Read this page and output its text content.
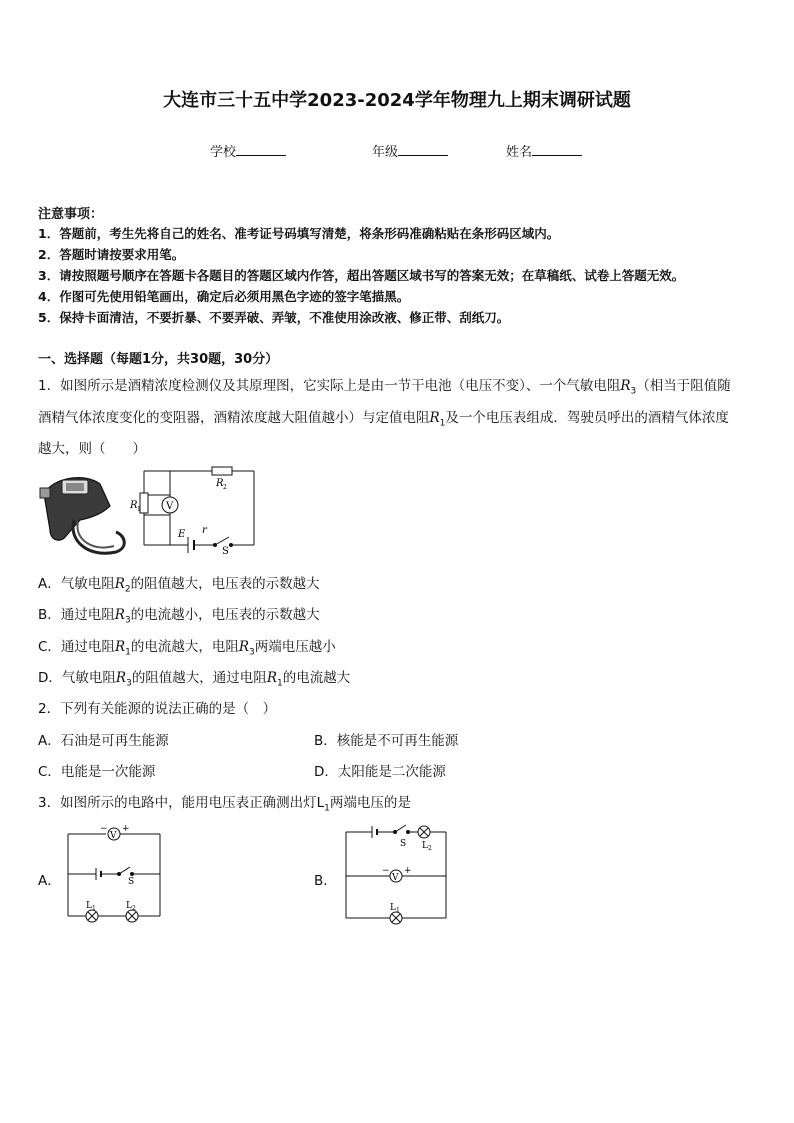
大连市三十五中学2023-2024学年物理九上期末调研试题
学校	年级	姓名
注意事项：
1．答题前，考生先将自己的姓名、准考证号码填写清楚，将条形码准确粘贴在条形码区域内。
2．答题时请按要求用笔。
3．请按照题号顺序在答题卡各题目的答题区域内作答，超出答题区域书写的答案无效；在草稿纸、试卷上答题无效。
4．作图可先使用铅笔画出，确定后必须用黑色字迹的签字笔描黑。
5．保持卡面清洁，不要折暴、不要弄破、弄皱，不准使用涂改液、修正带、刮纸刀。
一、选择题（每题1分，共30题，30分）
1．如图所示是酒精浓度检测仪及其原理图，它实际上是由一节干电池（电压不变）、一个气敏电阻$R_3$（相当于阻值随
酒精气体浓度变化的变阻器，酒精浓度越大阻值越小）与定值电阻$R_1$及一个电压表组成．驾驶员呼出的酒精气体浓度
越大，则（　　）
V
R 1
R 2
E r
S
A．气敏电阻$R_2$的阻值越大，电压表的示数越大
B．通过电阻$R_3$的电流越小，电压表的示数越大
C．通过电阻$R_1$的电流越大，电阻$R_3$两端电压越小
D．气敏电阻$R_3$的阻值越大，通过电阻$R_1$的电流越大
2．下列有关能源的说法正确的是（　）
A．石油是可再生能源	B．核能是不可再生能源
C．电能是一次能源	D．太阳能是二次能源
3．如图所示的电路中，能用电压表正确测出灯$L_1$两端电压的是
A．	B．
V
− +
S
L 1	L 2
S L 2
V
− +
L 1
